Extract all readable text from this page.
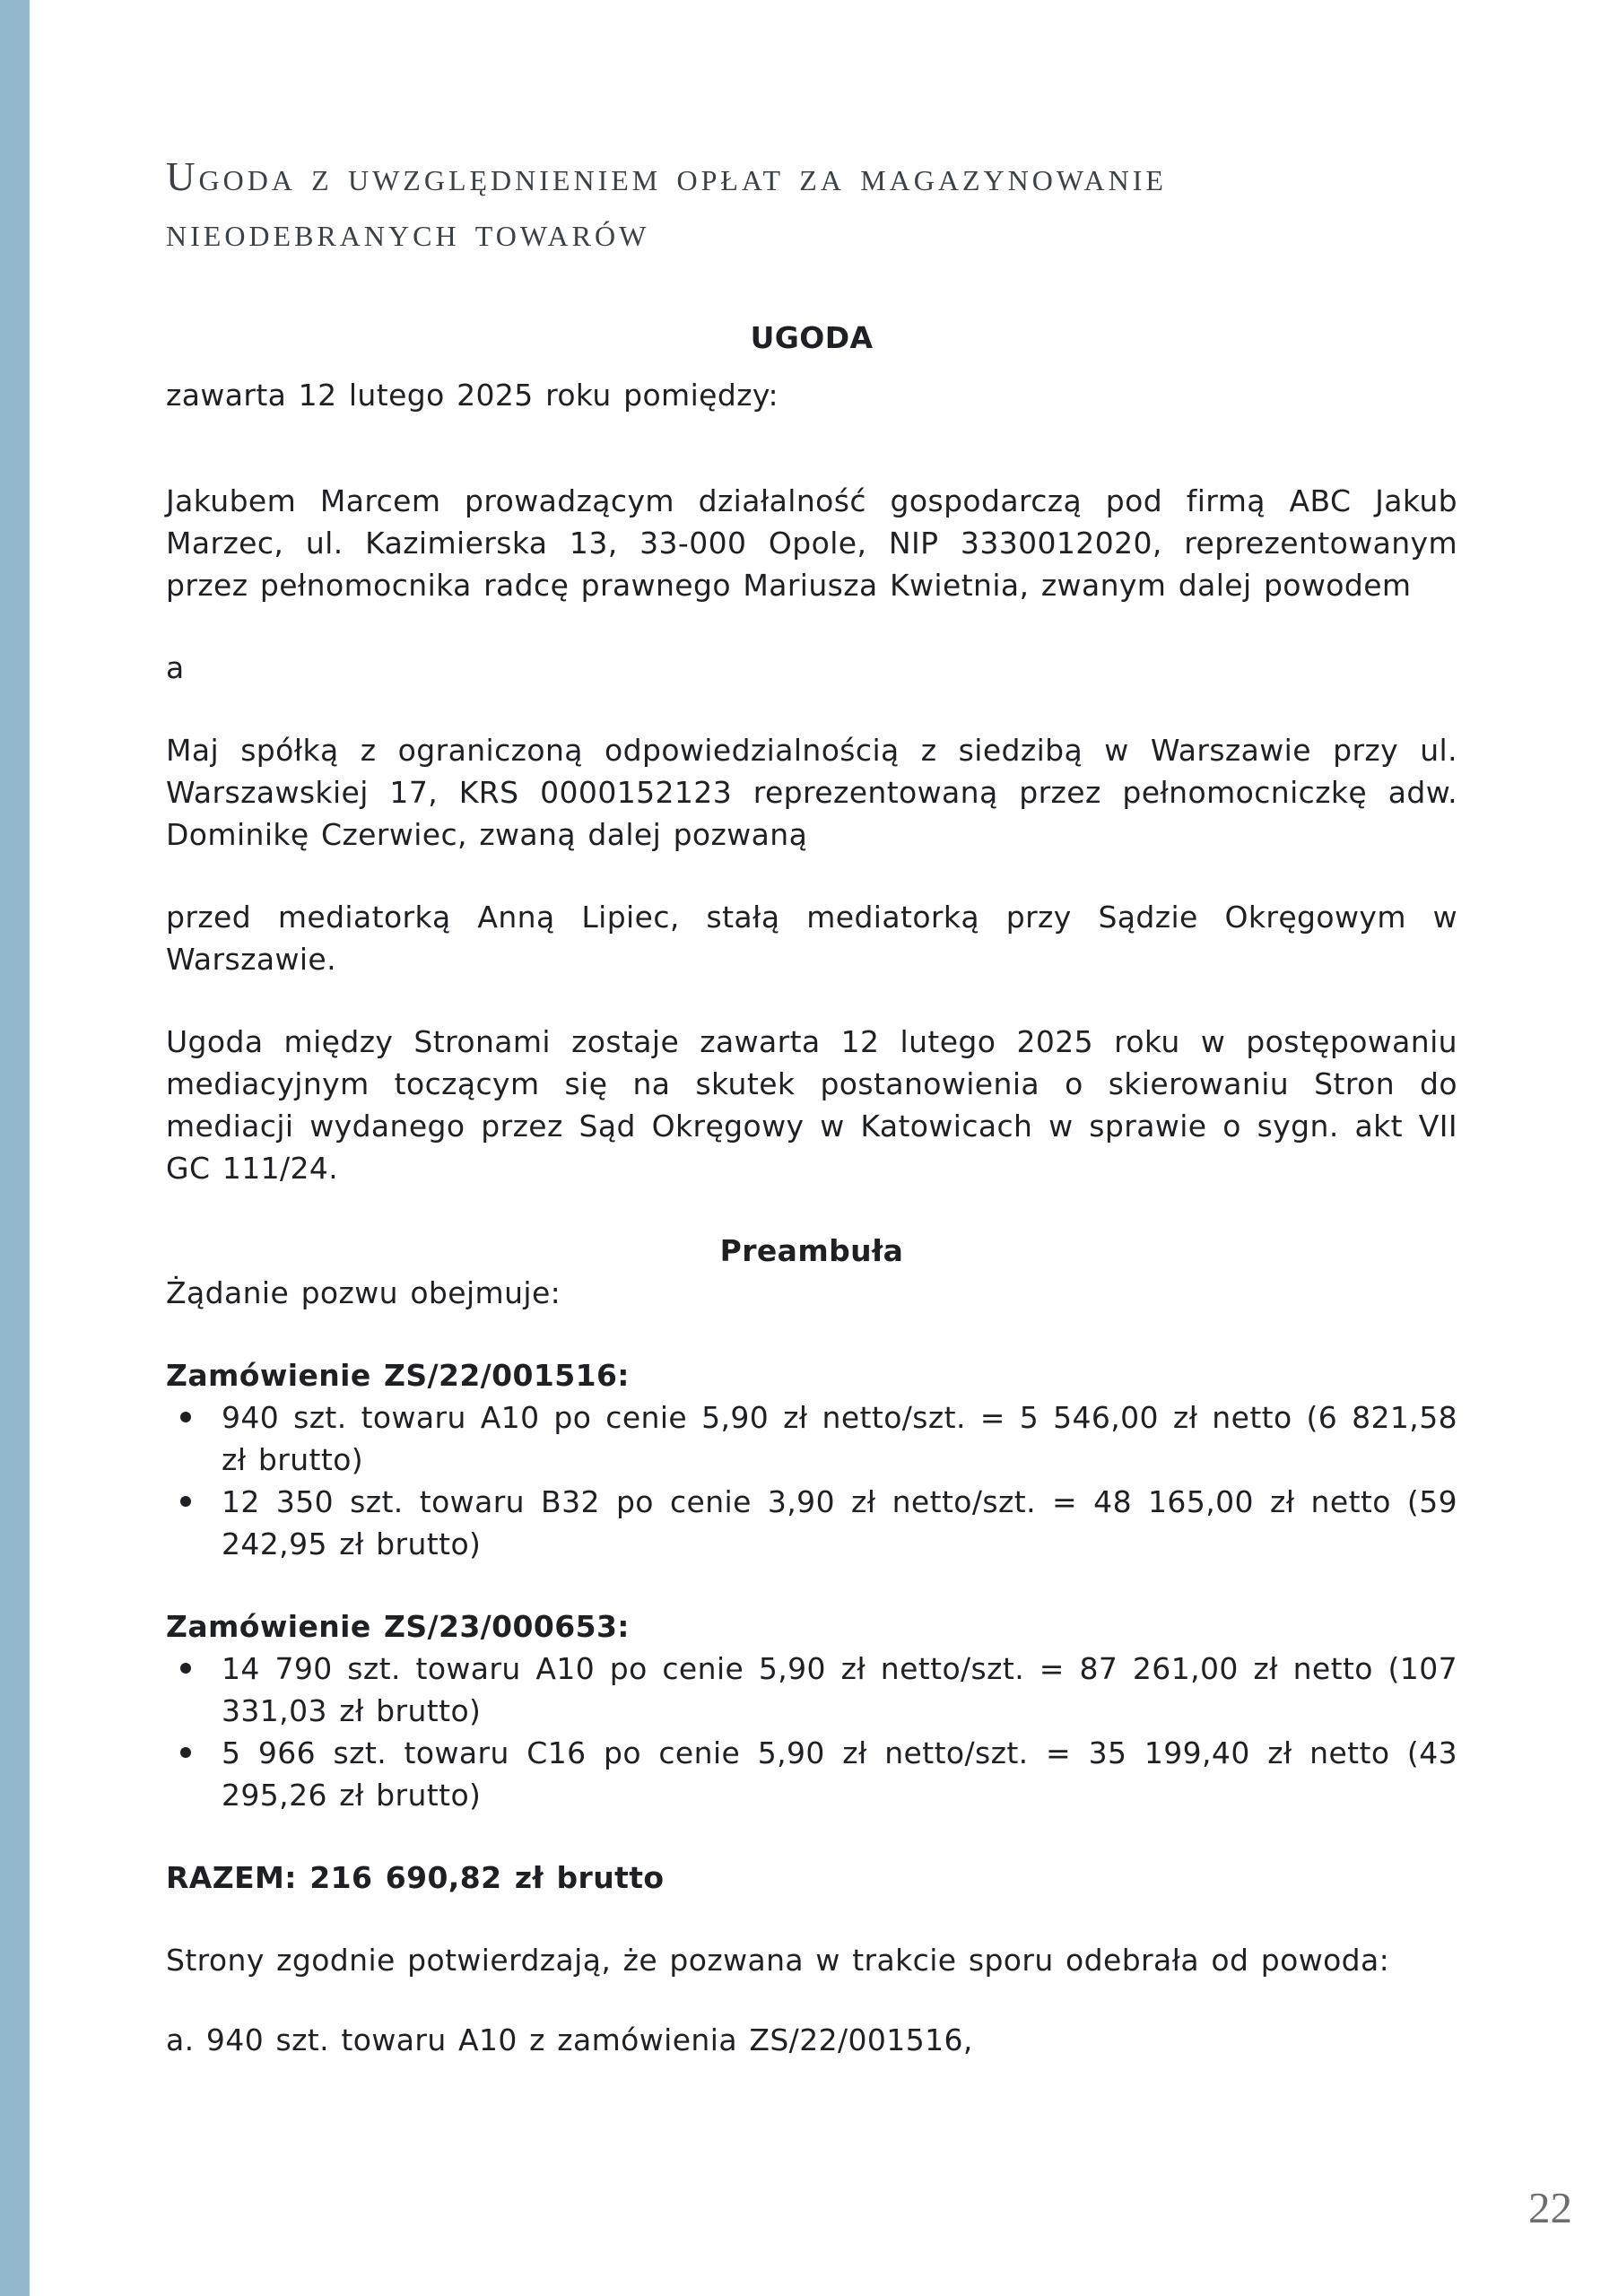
Ugoda z uwzględnieniem opłat za magazynowanie
nieodebranych towarów

UGODA

zawarta 12 lutego 2025 roku pomiędzy:

Jakubem Marcem prowadzącym działalność gospodarczą pod firmą ABC Jakub Marzec, ul. Kazimierska 13, 33-000 Opole, NIP 3330012020, reprezentowanym przez pełnomocnika radcę prawnego Mariusza Kwietnia, zwanym dalej powodem

a

Maj spółką z ograniczoną odpowiedzialnością z siedzibą w Warszawie przy ul. Warszawskiej 17, KRS 0000152123 reprezentowaną przez pełnomocniczkę adw. Dominikę Czerwiec, zwaną dalej pozwaną

przed mediatorką Anną Lipiec, stałą mediatorką przy Sądzie Okręgowym w Warszawie.

Ugoda między Stronami zostaje zawarta 12 lutego 2025 roku w postępowaniu mediacyjnym toczącym się na skutek postanowienia o skierowaniu Stron do mediacji wydanego przez Sąd Okręgowy w Katowicach w sprawie o sygn. akt VII GC 111/24.

Preambuła

Żądanie pozwu obejmuje:

Zamówienie ZS/22/001516:
940 szt. towaru A10 po cenie 5,90 zł netto/szt. = 5 546,00 zł netto (6 821,58 zł brutto)
12 350 szt. towaru B32 po cenie 3,90 zł netto/szt. = 48 165,00 zł netto (59 242,95 zł brutto)
Zamówienie ZS/23/000653:
14 790 szt. towaru A10 po cenie 5,90 zł netto/szt. = 87 261,00 zł netto (107 331,03 zł brutto)
5 966 szt. towaru C16 po cenie 5,90 zł netto/szt. = 35 199,40 zł netto (43 295,26 zł brutto)

RAZEM: 216 690,82 zł brutto

Strony zgodnie potwierdzają, że pozwana w trakcie sporu odebrała od powoda:

a. 940 szt. towaru A10 z zamówienia ZS/22/001516,

22
